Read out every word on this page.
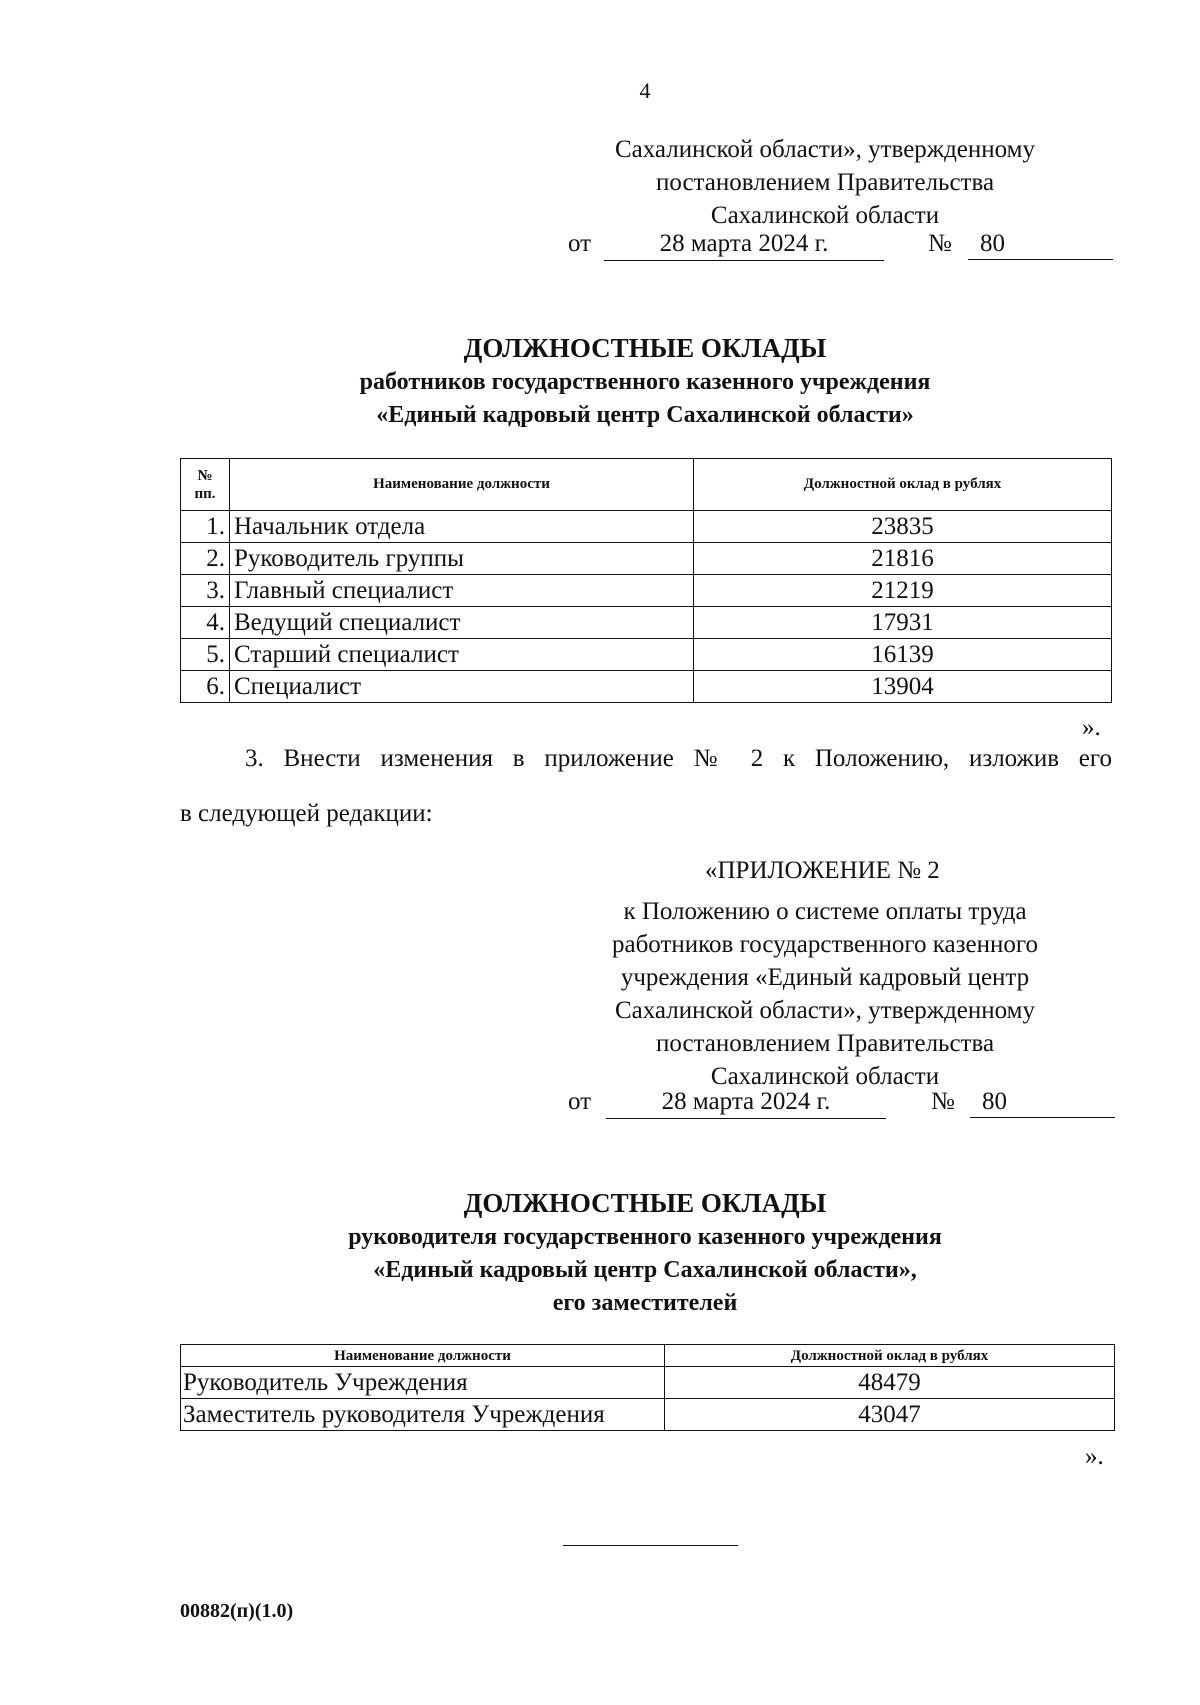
4
Сахалинской области», утвержденному
постановлением Правительства
Сахалинской области
от	28 марта 2024 г.	№	80
ДОЛЖНОСТНЫЕ ОКЛАДЫ
работников государственного казенного учреждения
«Единый кадровый центр Сахалинской области»
№
пп.	Наименование должности	Должностной оклад в рублях
1.	Начальник отдела	23835
2.	Руководитель группы	21816
3.	Главный специалист	21219
4.	Ведущий специалист	17931
5.	Старший специалист	16139
6.	Специалист	13904
».
3. Внести изменения в приложение № 2 к Положению, изложив его
в следующей редакции:
«ПРИЛОЖЕНИЕ № 2
к Положению о системе оплаты труда
работников государственного казенного
учреждения «Единый кадровый центр
Сахалинской области», утвержденному
постановлением Правительства
Сахалинской области
от	28 марта 2024 г.	№	80
ДОЛЖНОСТНЫЕ ОКЛАДЫ
руководителя государственного казенного учреждения
«Единый кадровый центр Сахалинской области»,
его заместителей
Наименование должности	Должностной оклад в рублях
Руководитель Учреждения	48479
Заместитель руководителя Учреждения	43047
».
00882(п)(1.0)
